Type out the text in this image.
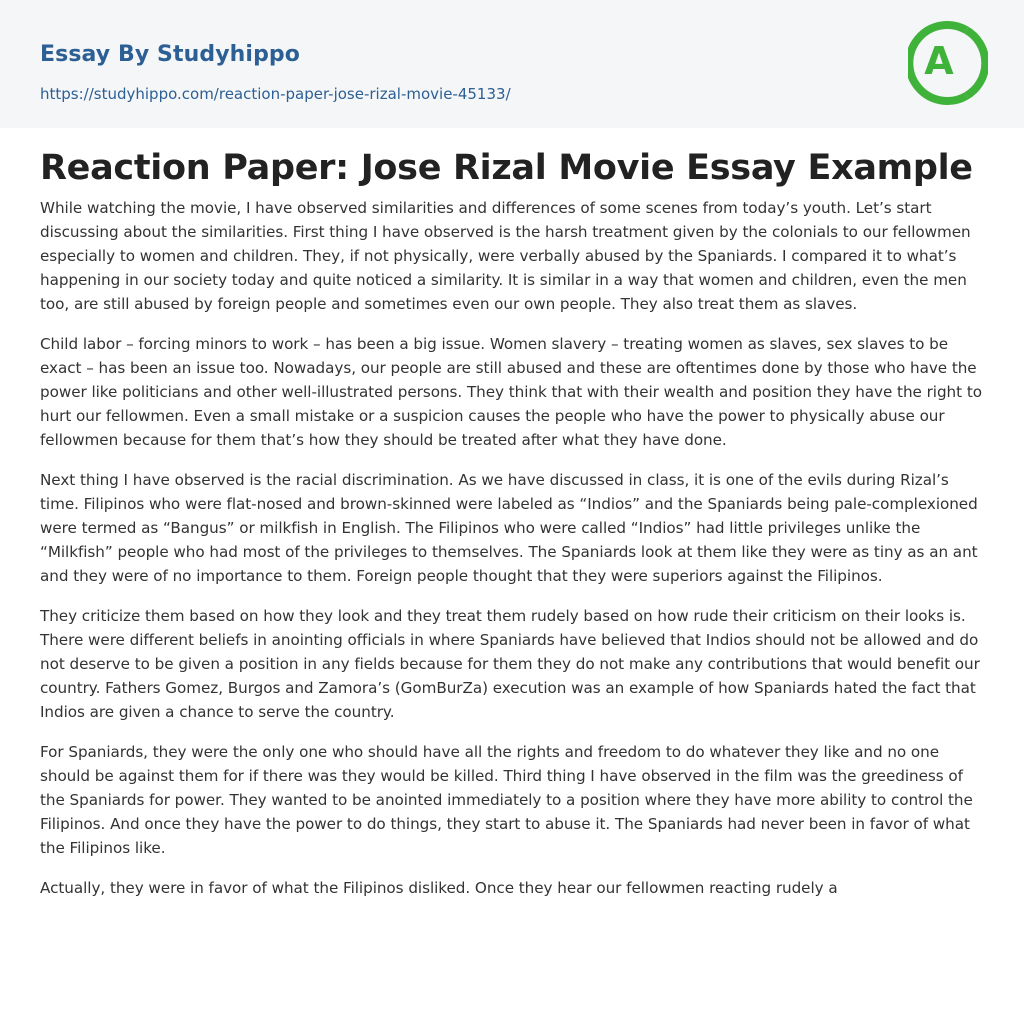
Essay By Studyhippo
https://studyhippo.com/reaction-paper-jose-rizal-movie-45133/
A
Reaction Paper: Jose Rizal Movie Essay Example

While watching the movie, I have observed similarities and differences of some scenes from today’s youth. Let’s start discussing about the similarities. First thing I have observed is the harsh treatment given by the colonials to our fellowmen especially to women and children. They, if not physically, were verbally abused by the Spaniards. I compared it to what’s happening in our society today and quite noticed a similarity. It is similar in a way that women and children, even the men too, are still abused by foreign people and sometimes even our own people. They also treat them as slaves.

Child labor – forcing minors to work – has been a big issue. Women slavery – treating women as slaves, sex slaves to be exact – has been an issue too. Nowadays, our people are still abused and these are oftentimes done by those who have the power like politicians and other well-illustrated persons. They think that with their wealth and position they have the right to hurt our fellowmen. Even a small mistake or a suspicion causes the people who have the power to physically abuse our fellowmen because for them that’s how they should be treated after what they have done.

Next thing I have observed is the racial discrimination. As we have discussed in class, it is one of the evils during Rizal’s time. Filipinos who were flat-nosed and brown-skinned were labeled as “Indios” and the Spaniards being pale-complexioned were termed as “Bangus” or milkfish in English. The Filipinos who were called “Indios” had little privileges unlike the “Milkfish” people who had most of the privileges to themselves. The Spaniards look at them like they were as tiny as an ant and they were of no importance to them. Foreign people thought that they were superiors against the Filipinos.

They criticize them based on how they look and they treat them rudely based on how rude their criticism on their looks is. There were different beliefs in anointing officials in where Spaniards have believed that Indios should not be allowed and do not deserve to be given a position in any fields because for them they do not make any contributions that would benefit our country. Fathers Gomez, Burgos and Zamora’s (GomBurZa) execution was an example of how Spaniards hated the fact that Indios are given a chance to serve the country.

For Spaniards, they were the only one who should have all the rights and freedom to do whatever they like and no one should be against them for if there was they would be killed. Third thing I have observed in the film was the greediness of the Spaniards for power. They wanted to be anointed immediately to a position where they have more ability to control the Filipinos. And once they have the power to do things, they start to abuse it. The Spaniards had never been in favor of what the Filipinos like.

Actually, they were in favor of what the Filipinos disliked. Once they hear our fellowmen reacting rudely a
